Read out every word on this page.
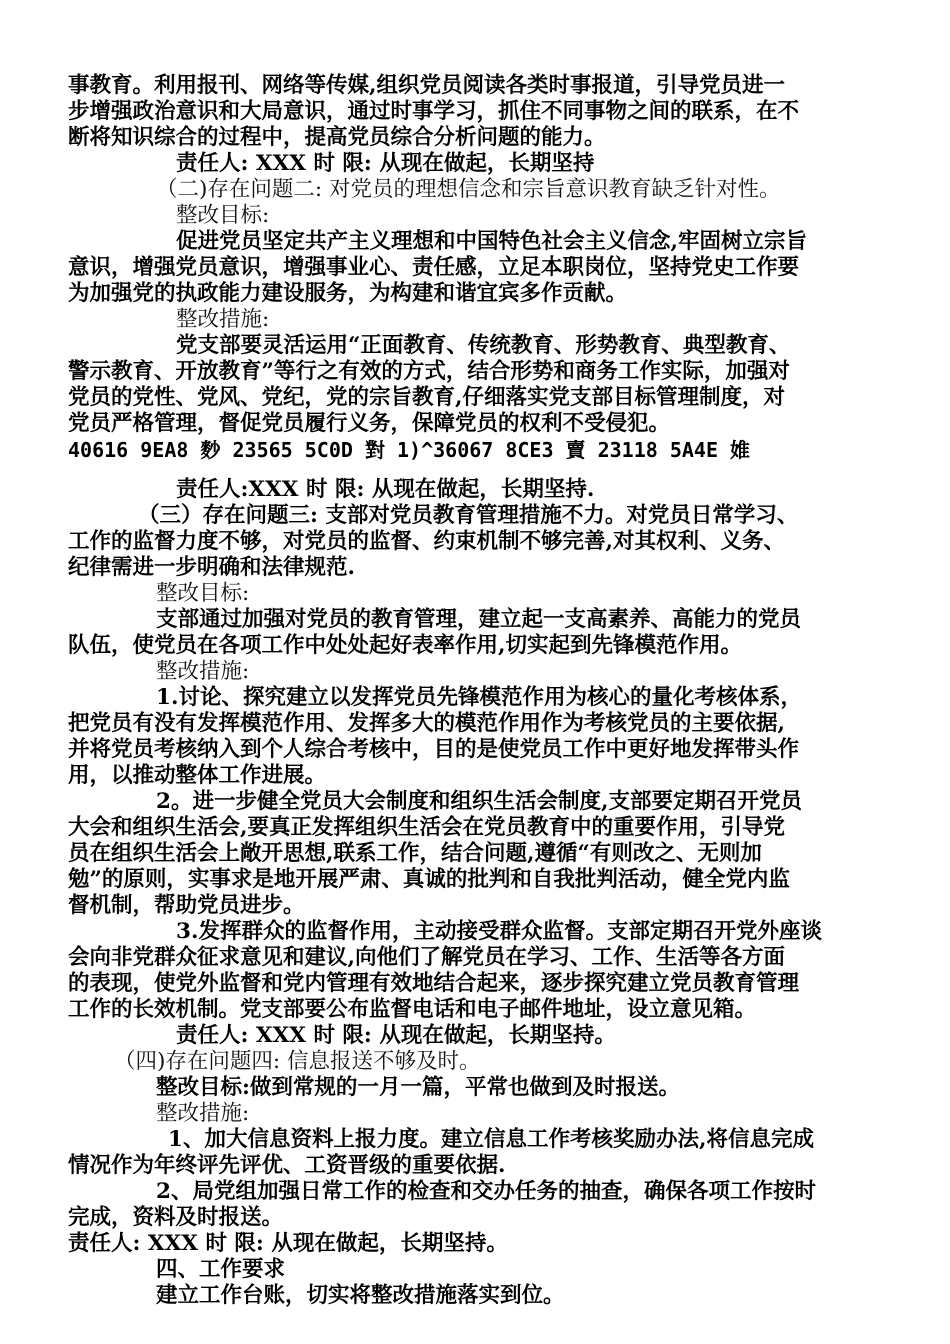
事教育。利用报刊、网络等传媒,组织党员阅读各类时事报道，引导党员进一
步增强政治意识和大局意识，通过时事学习，抓住不同事物之间的联系，在不
断将知识综合的过程中，提高党员综合分析问题的能力。
责任人: XXX 时 限: 从现在做起，长期坚持
（二)存在问题二: 对党员的理想信念和宗旨意识教育缺乏针对性。
整改目标:
促进党员坚定共产主义理想和中国特色社会主义信念,牢固树立宗旨
意识，增强党员意识，增强事业心、责任感，立足本职岗位，坚持党史工作要
为加强党的执政能力建设服务，为构建和谐宜宾多作贡献。
整改措施:
党支部要灵活运用“正面教育、传统教育、形势教育、典型教育、
警示教育、开放教育”等行之有效的方式，结合形势和商务工作实际，加强对
党员的党性、党风、党纪，党的宗旨教育,仔细落实党支部目标管理制度，对
党员严格管理，督促党员履行义务，保障党员的权利不受侵犯。
40616 9EA8 麨 23565 5C0D 對 1)^36067 8CE3 賣 23118 5A4E 婎
责任人:XXX 时 限: 从现在做起，长期坚持.
（三）存在问题三: 支部对党员教育管理措施不力。对党员日常学习、
工作的监督力度不够，对党员的监督、约束机制不够完善,对其权利、义务、
纪律需进一步明确和法律规范.
整改目标:
支部通过加强对党员的教育管理，建立起一支高素养、高能力的党员
队伍，使党员在各项工作中处处起好表率作用,切实起到先锋模范作用。
整改措施:
1.讨论、探究建立以发挥党员先锋模范作用为核心的量化考核体系，
把党员有没有发挥模范作用、发挥多大的模范作用作为考核党员的主要依据,
并将党员考核纳入到个人综合考核中，目的是使党员工作中更好地发挥带头作
用，以推动整体工作进展。
2。进一步健全党员大会制度和组织生活会制度,支部要定期召开党员
大会和组织生活会,要真正发挥组织生活会在党员教育中的重要作用，引导党
员在组织生活会上敞开思想,联系工作，结合问题,遵循“有则改之、无则加
勉”的原则，实事求是地开展严肃、真诚的批判和自我批判活动，健全党内监
督机制，帮助党员进步。
3.发挥群众的监督作用，主动接受群众监督。支部定期召开党外座谈
会向非党群众征求意见和建议,向他们了解党员在学习、工作、生活等各方面
的表现，使党外监督和党内管理有效地结合起来，逐步探究建立党员教育管理
工作的长效机制。党支部要公布监督电话和电子邮件地址，设立意见箱。
责任人: XXX 时 限: 从现在做起，长期坚持。
（四)存在问题四: 信息报送不够及时。
整改目标:做到常规的一月一篇，平常也做到及时报送。
整改措施:
1、加大信息资料上报力度。建立信息工作考核奖励办法,将信息完成
情况作为年终评先评优、工资晋级的重要依据.
2、局党组加强日常工作的检查和交办任务的抽查，确保各项工作按时
完成，资料及时报送。
责任人: XXX 时 限: 从现在做起，长期坚持。
四、工作要求
建立工作台账，切实将整改措施落实到位。
